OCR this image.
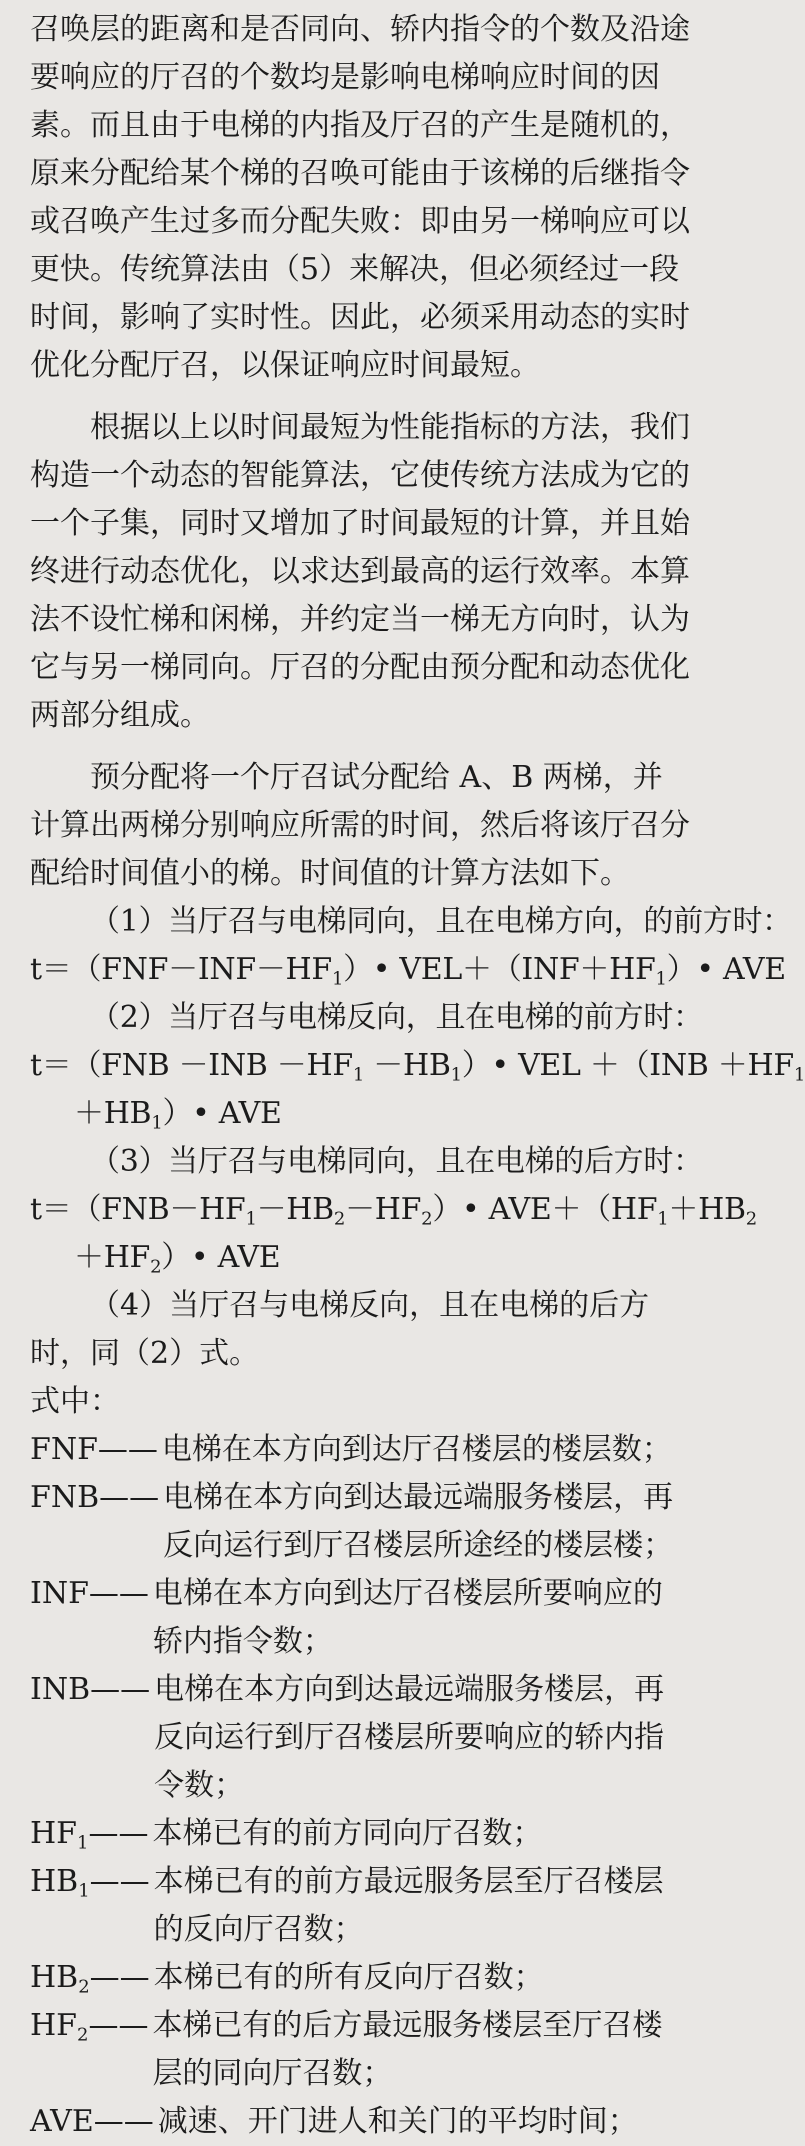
召唤层的距离和是否同向、轿内指令的个数及沿途要响应的厅召的个数均是影响电梯响应时间的因素。而且由于电梯的内指及厅召的产生是随机的，原来分配给某个梯的召唤可能由于该梯的后继指令或召唤产生过多而分配失败：即由另一梯响应可以更快。传统算法由（5）来解决，但必须经过一段时间，影响了实时性。因此，必须采用动态的实时优化分配厅召，以保证响应时间最短。

根据以上以时间最短为性能指标的方法，我们构造一个动态的智能算法，它使传统方法成为它的一个子集，同时又增加了时间最短的计算，并且始终进行动态优化，以求达到最高的运行效率。本算法不设忙梯和闲梯，并约定当一梯无方向时，认为它与另一梯同向。厅召的分配由预分配和动态优化两部分组成。

预分配将一个厅召试分配给 A、B 两梯，并计算出两梯分别响应所需的时间，然后将该厅召分配给时间值小的梯。时间值的计算方法如下。

（1）当厅召与电梯同向，且在电梯方向，的前方时：

$t=(FNF-INF-HF_1)•$ $VEL+(INF+HF_1)•$ AVE

（2）当厅召与电梯反向，且在电梯的前方时：

$t=(FNB -INB -HF_1$ $-HB_1)•$ VEL $+(INB +HF_1$

$+HB_1)•$ AVE

（3）当厅召与电梯同向，且在电梯的后方时：

$t=(FNB-HF_1-HB_2-HF_2)•$ $AVE+(HF_1+HB_2$

$+HF_2)•$ AVE

（4）当厅召与电梯反向，且在电梯的后方时，同（2）式。

式中：

FNF—— 电梯在本方向到达厅召楼层的楼层数；
FNB—— 电梯在本方向到达最远端服务楼层，再反向运行到厅召楼层所途经的楼层楼；
INF—— 电梯在本方向到达厅召楼层所要响应的轿内指令数；
INB—— 电梯在本方向到达最远端服务楼层，再反向运行到厅召楼层所要响应的轿内指令数；
$HF_1——$ 本梯已有的前方同向厅召数；
$HB_1——$ 本梯已有的前方最远服务层至厅召楼层的反向厅召数；
$HB_2——$ 本梯已有的所有反向厅召数；
$HF_2——$ 本梯已有的后方最远服务楼层至厅召楼层的同向厅召数；
AVE—— 减速、开门进人和关门的平均时间；
